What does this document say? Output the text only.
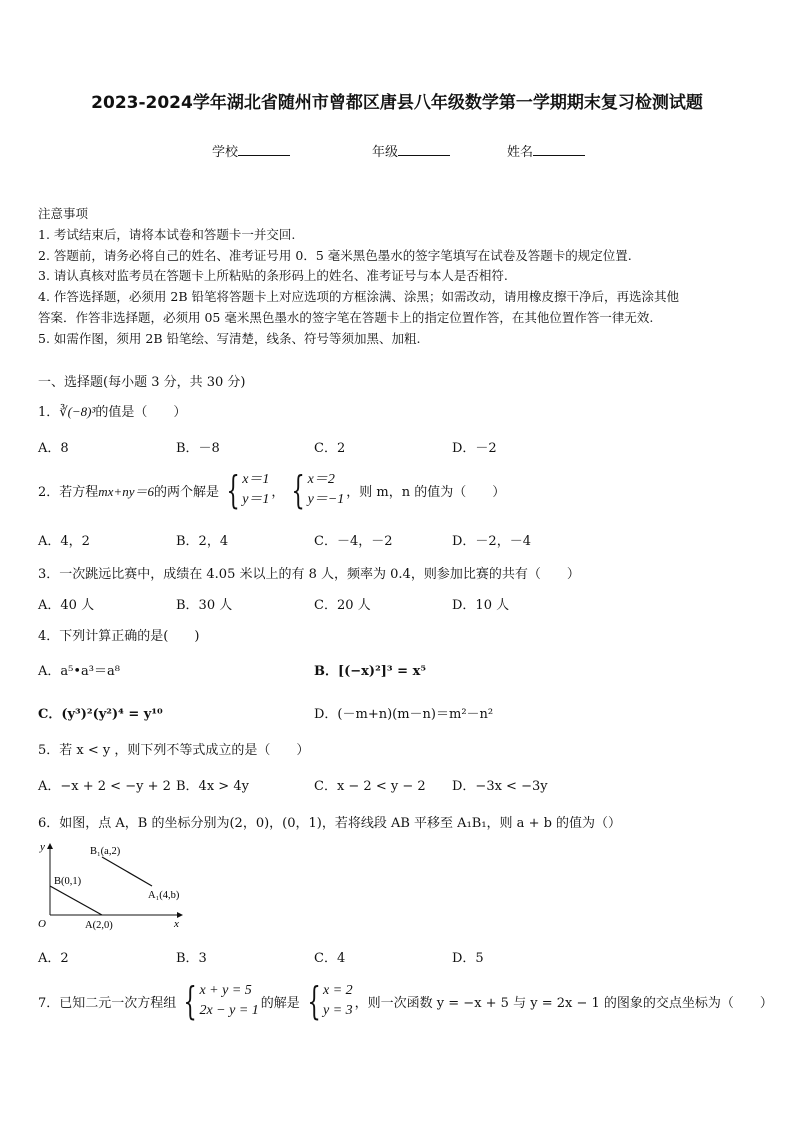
2023-2024学年湖北省随州市曾都区唐县八年级数学第一学期期末复习检测试题
学校	年级	姓名
注意事项
1. 考试结束后，请将本试卷和答题卡一并交回.
2. 答题前，请务必将自己的姓名、准考证号用 0．5 毫米黑色墨水的签字笔填写在试卷及答题卡的规定位置.
3. 请认真核对监考员在答题卡上所粘贴的条形码上的姓名、准考证号与本人是否相符.
4. 作答选择题，必须用 2B 铅笔将答题卡上对应选项的方框涂满、涂黑；如需改动，请用橡皮擦干净后，再选涂其他
答案．作答非选择题，必须用 05 毫米黑色墨水的签字笔在答题卡上的指定位置作答，在其他位置作答一律无效.
5. 如需作图，须用 2B 铅笔绘、写清楚，线条、符号等须加黑、加粗.
一、选择题(每小题 3 分，共 30 分)
1．∛(−8)³的值是（　　）
A．8	B．－8	C．2	D．－2
2．若方程 mx+ny＝6 的两个解是 { x＝1
y＝1 ， { x＝2
y＝−1 ，则 m，n 的值为（　　）
A．4，2	B．2，4	C．－4，－2	D．－2，－4
3．一次跳远比赛中，成绩在 4.05 米以上的有 8 人，频率为 0.4，则参加比赛的共有（　　）
A．40 人	B．30 人	C．20 人	D．10 人
4．下列计算正确的是(　　)
A．a⁵•a³＝a⁸	B．[(−x)²]³ = x⁵
C．(y³)²(y²)⁴ = y¹⁰	D．(－m+n)(m－n)＝m²－n²
5．若 x < y ，则下列不等式成立的是（　　）
A．−x + 2 < −y + 2 B．4x > 4y	C．x − 2 < y − 2 D．−3x < −3y
6．如图，点 A，B 的坐标分别为(2，0)，(0，1)，若将线段 AB 平移至 A₁B₁，则 a + b 的值为（）
y
x
O
B(0,1)
A(2,0)
B₁(a,2)
A₁(4,b)
A．2	B．3	C．4	D．5
7．已知二元一次方程组 { x + y = 5
2x − y = 1 的解是 { x = 2
y = 3 ，则一次函数 y = −x + 5 与 y = 2x − 1 的图象的交点坐标为（　　）
